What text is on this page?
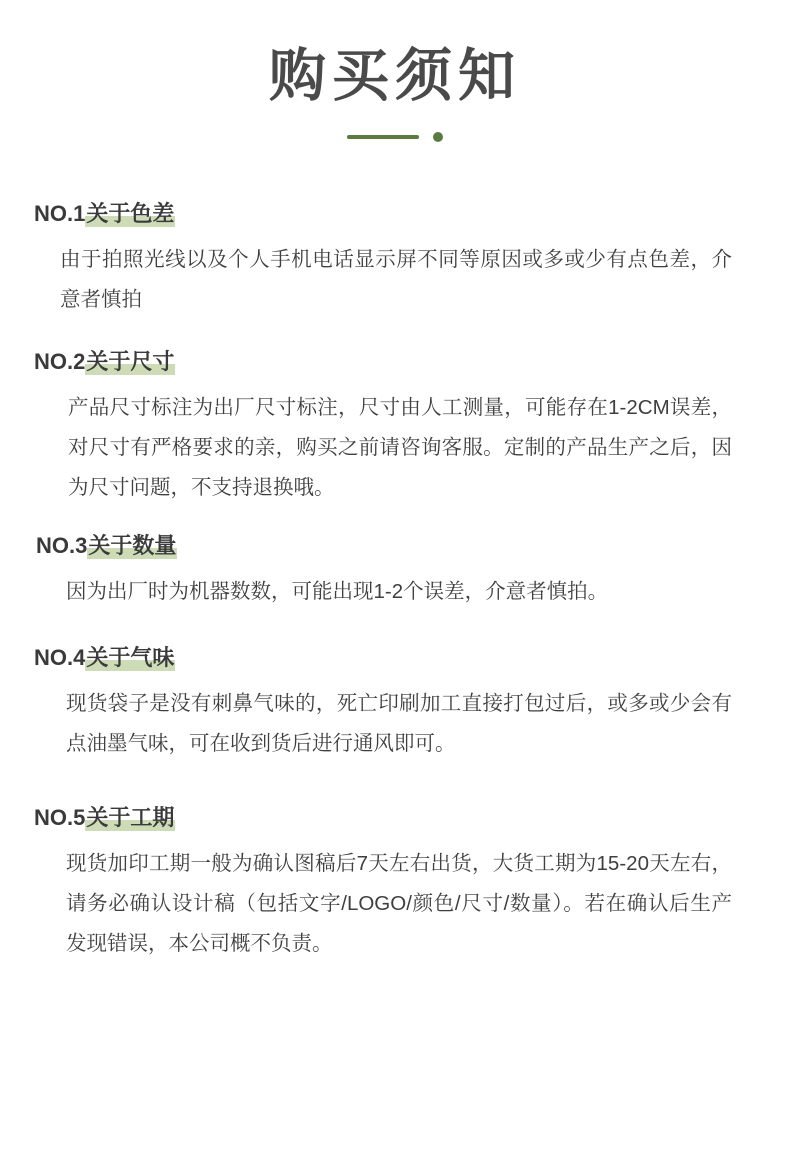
购买须知

NO.1关于色差

由于拍照光线以及个人手机电话显示屏不同等原因或多或少有点色差，介意者慎拍

NO.2关于尺寸

产品尺寸标注为出厂尺寸标注，尺寸由人工测量，可能存在1-2CM误差，对尺寸有严格要求的亲，购买之前请咨询客服。定制的产品生产之后，因为尺寸问题，不支持退换哦。

NO.3关于数量

因为出厂时为机器数数，可能出现1-2个误差，介意者慎拍。

NO.4关于气味

现货袋子是没有刺鼻气味的，死亡印刷加工直接打包过后，或多或少会有点油墨气味，可在收到货后进行通风即可。

NO.5关于工期

现货加印工期一般为确认图稿后7天左右出货，大货工期为15-20天左右，请务必确认设计稿（包括文字/LOGO/颜色/尺寸/数量）。若在确认后生产发现错误，本公司概不负责。
